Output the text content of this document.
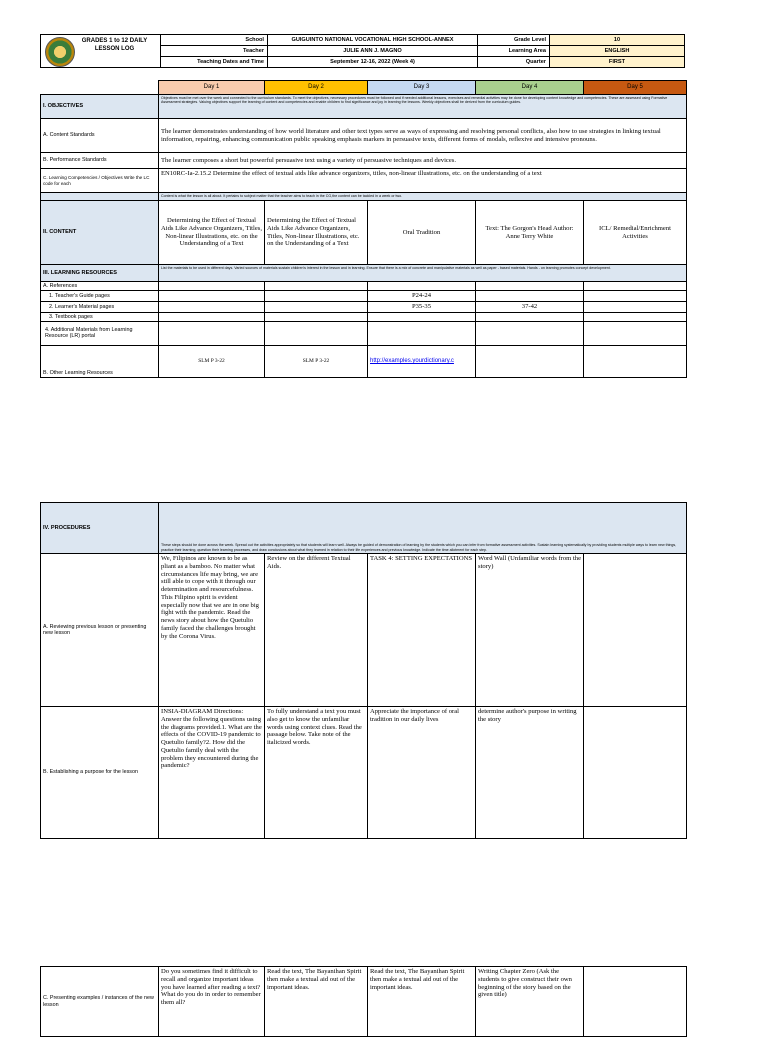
GRADES 1 to 12 DAILY LESSON LOG	School	GUIGUINTO NATIONAL VOCATIONAL HIGH SCHOOL-ANNEX	Grade Level	10
	Teacher	JULIE ANN J. MAGNO	Learning Area	ENGLISH
	Teaching Dates and Time	September 12-16, 2022 (Week 4)	Quarter	FIRST
	Day 1	Day 2	Day 3	Day 4	Day 5
I. OBJECTIVES	Objectives must be met over the week and connected to the curriculum standards. To meet the objectives, necessary procedures must be followed and if needed additional lessons, exercises and remedial activities may be done for developing content knowledge and competencies. These are assessed using Formative Assessment strategies. Valuing objectives support the learning of content and competencies and enable children to find significance and joy in learning the lessons. Weekly objectives shall be derived from the curriculum guides.				
A. Content Standards	The learner demonstrates understanding of how world literature and other text types serve as ways of expressing and resolving personal conflicts, also how to use strategies in linking textual information, repairing, enhancing communication public speaking emphasis markers in persuasive texts, different forms of modals, reflexive and intensive pronouns.				
B. Performance Standards	The learner composes a short but powerful persuasive text using a variety of persuasive techniques and devices.				
C. Learning Competencies / Objectives Write the LC code for each	EN10RC-Ia-2.15.2 Determine the effect of textual aids like advance organizers, titles, non-linear illustrations, etc. on the understanding of a text				
	Content is what the lesson is all about. It pertains to subject matter that the teacher aims to teach in the CG,the content can be tackled in a week or two.				
II. CONTENT	Determining the Effect of Textual Aids Like Advance Organizers, Titles, Non-linear Illustrations, etc. on the Understanding of a Text	Determining the Effect of Textual Aids Like Advance Organizers, Titles, Non-linear Illustrations, etc. on the Understanding of a Text	Oral Tradition	Text: The Gorgon's Head Author: Anne Terry White	ICL/ Remedial/Enrichment Activities
III. LEARNING RESOURCES	List the materials to be used in different days. Varied sources of materials sustain children's interest in the lesson and in learning. Ensure that there is a mix of concrete and manipulative materials as well as paper - based materials. Hands - on learning promotes concept development.				
A. References					
1. Teacher's Guide pages			P24-24		
2. Learner's Material pages			P35-35	37-42	
3. Textbook pages					
4. Additional Materials from Learning Resource (LR) portal					
B. Other Learning Resources	SLM P 3-22	SLM P 3-22	http://examples.yourdictionary.c		
IV. PROCEDURES	These steps should be done across the week. Spread out the activities appropriately so that students will learn well. Always be guided of demonstration of learning by the students which you can infer from formative assessment activities. Sustain learning systematically by providing students multiple ways to learn new things, practice their learning, question their learning processes, and draw conclusions about what they learned in relation to their life experiences and previous knowledge. Indicate the time allotment for each step.				
A. Reviewing previous lesson or presenting new lesson	We, Filipinos are known to be as pliant as a bamboo. No matter what circumstances life may bring, we are still able to cope with it through our determination and resourcefulness. This Filipino spirit is evident especially now that we are in one big fight with the pandemic. Read the news story about how the Quetulio family faced the challenges brought by the Corona Virus.	Review on the different Textual Aids.	TASK 4: SETTING EXPECTATIONS	Word Wall (Unfamiliar words from the story)	
B. Establishing a purpose for the lesson	INSIA-DIAGRAM Directions: Answer the following questions using the diagrams provided.1. What are the effects of the COVID-19 pandemic to Quetulio family?2. How did the Quetulio family deal with the problem they encountered during the pandemic?	To fully understand a text you must also get to know the unfamiliar words using context clues. Read the passage below. Take note of the italicized words.	Appreciate the importance of oral tradition in our daily lives	determine author's purpose in writing the story	
C. Presenting examples / instances of the new lesson	Do you sometimes find it difficult to recall and organize important ideas you have learned after reading a text? What do you do in order to remember them all?	Read the text, The Bayanihan Spirit then make a textual aid out of the important ideas.	Read the text, The Bayanihan Spirit then make a textual aid out of the important ideas.	Writing Chapter Zero (Ask the students to give construct their own beginning of the story based on the given title)	
